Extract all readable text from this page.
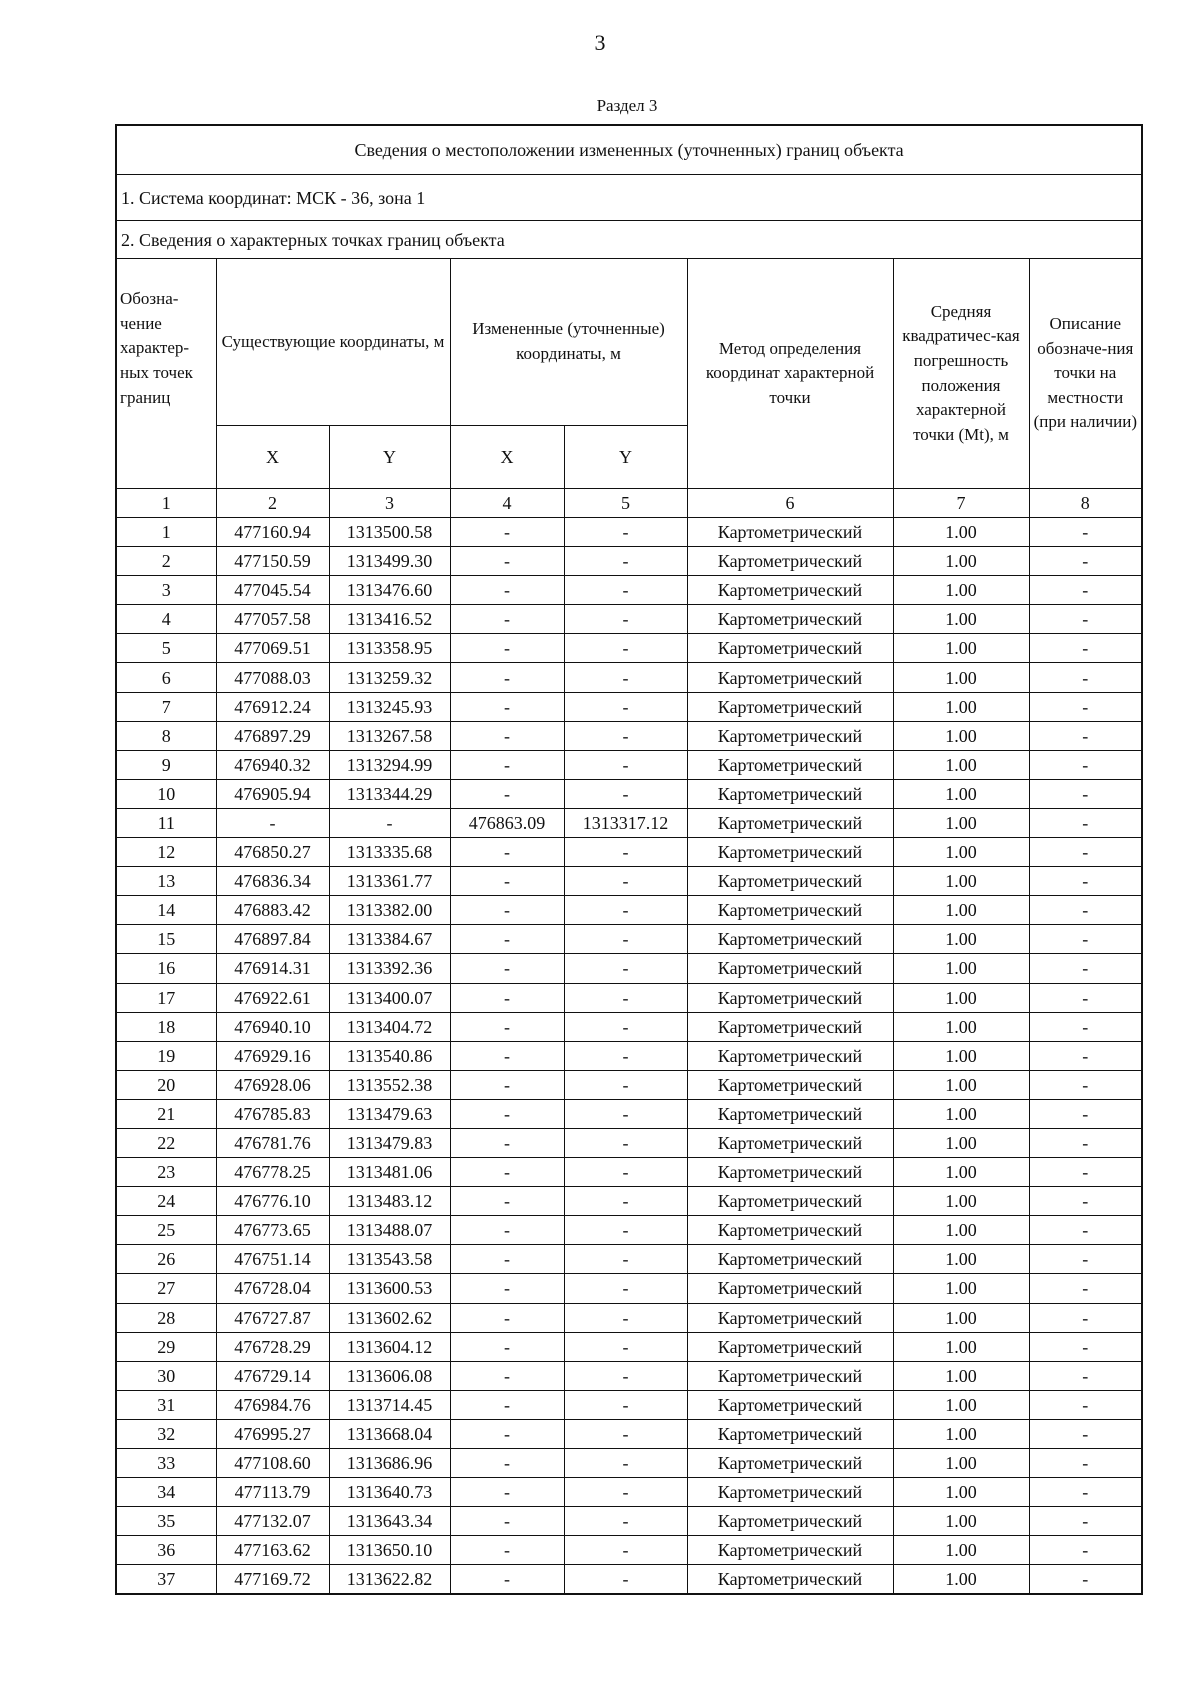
3
Раздел 3
Сведения о местоположении измененных (уточненных) границ объекта							
1. Система координат: МСК - 36, зона 1							
2. Сведения о характерных точках границ объекта							
Обозна-чение характер-ных точек границ	Существующие координаты, м		Измененные (уточненные) координаты, м		Метод определения координат характерной точки	Средняя квадратичес-кая погрешность положения характерной точки (Mt), м	Описание обозначе-ния точки на местности (при наличии)
	X	Y	X	Y			
1	2	3	4	5	6	7	8
1	477160.94	1313500.58	-	-	Картометрический	1.00	-
2	477150.59	1313499.30	-	-	Картометрический	1.00	-
3	477045.54	1313476.60	-	-	Картометрический	1.00	-
4	477057.58	1313416.52	-	-	Картометрический	1.00	-
5	477069.51	1313358.95	-	-	Картометрический	1.00	-
6	477088.03	1313259.32	-	-	Картометрический	1.00	-
7	476912.24	1313245.93	-	-	Картометрический	1.00	-
8	476897.29	1313267.58	-	-	Картометрический	1.00	-
9	476940.32	1313294.99	-	-	Картометрический	1.00	-
10	476905.94	1313344.29	-	-	Картометрический	1.00	-
11	-	-	476863.09	1313317.12	Картометрический	1.00	-
12	476850.27	1313335.68	-	-	Картометрический	1.00	-
13	476836.34	1313361.77	-	-	Картометрический	1.00	-
14	476883.42	1313382.00	-	-	Картометрический	1.00	-
15	476897.84	1313384.67	-	-	Картометрический	1.00	-
16	476914.31	1313392.36	-	-	Картометрический	1.00	-
17	476922.61	1313400.07	-	-	Картометрический	1.00	-
18	476940.10	1313404.72	-	-	Картометрический	1.00	-
19	476929.16	1313540.86	-	-	Картометрический	1.00	-
20	476928.06	1313552.38	-	-	Картометрический	1.00	-
21	476785.83	1313479.63	-	-	Картометрический	1.00	-
22	476781.76	1313479.83	-	-	Картометрический	1.00	-
23	476778.25	1313481.06	-	-	Картометрический	1.00	-
24	476776.10	1313483.12	-	-	Картометрический	1.00	-
25	476773.65	1313488.07	-	-	Картометрический	1.00	-
26	476751.14	1313543.58	-	-	Картометрический	1.00	-
27	476728.04	1313600.53	-	-	Картометрический	1.00	-
28	476727.87	1313602.62	-	-	Картометрический	1.00	-
29	476728.29	1313604.12	-	-	Картометрический	1.00	-
30	476729.14	1313606.08	-	-	Картометрический	1.00	-
31	476984.76	1313714.45	-	-	Картометрический	1.00	-
32	476995.27	1313668.04	-	-	Картометрический	1.00	-
33	477108.60	1313686.96	-	-	Картометрический	1.00	-
34	477113.79	1313640.73	-	-	Картометрический	1.00	-
35	477132.07	1313643.34	-	-	Картометрический	1.00	-
36	477163.62	1313650.10	-	-	Картометрический	1.00	-
37	477169.72	1313622.82	-	-	Картометрический	1.00	-
